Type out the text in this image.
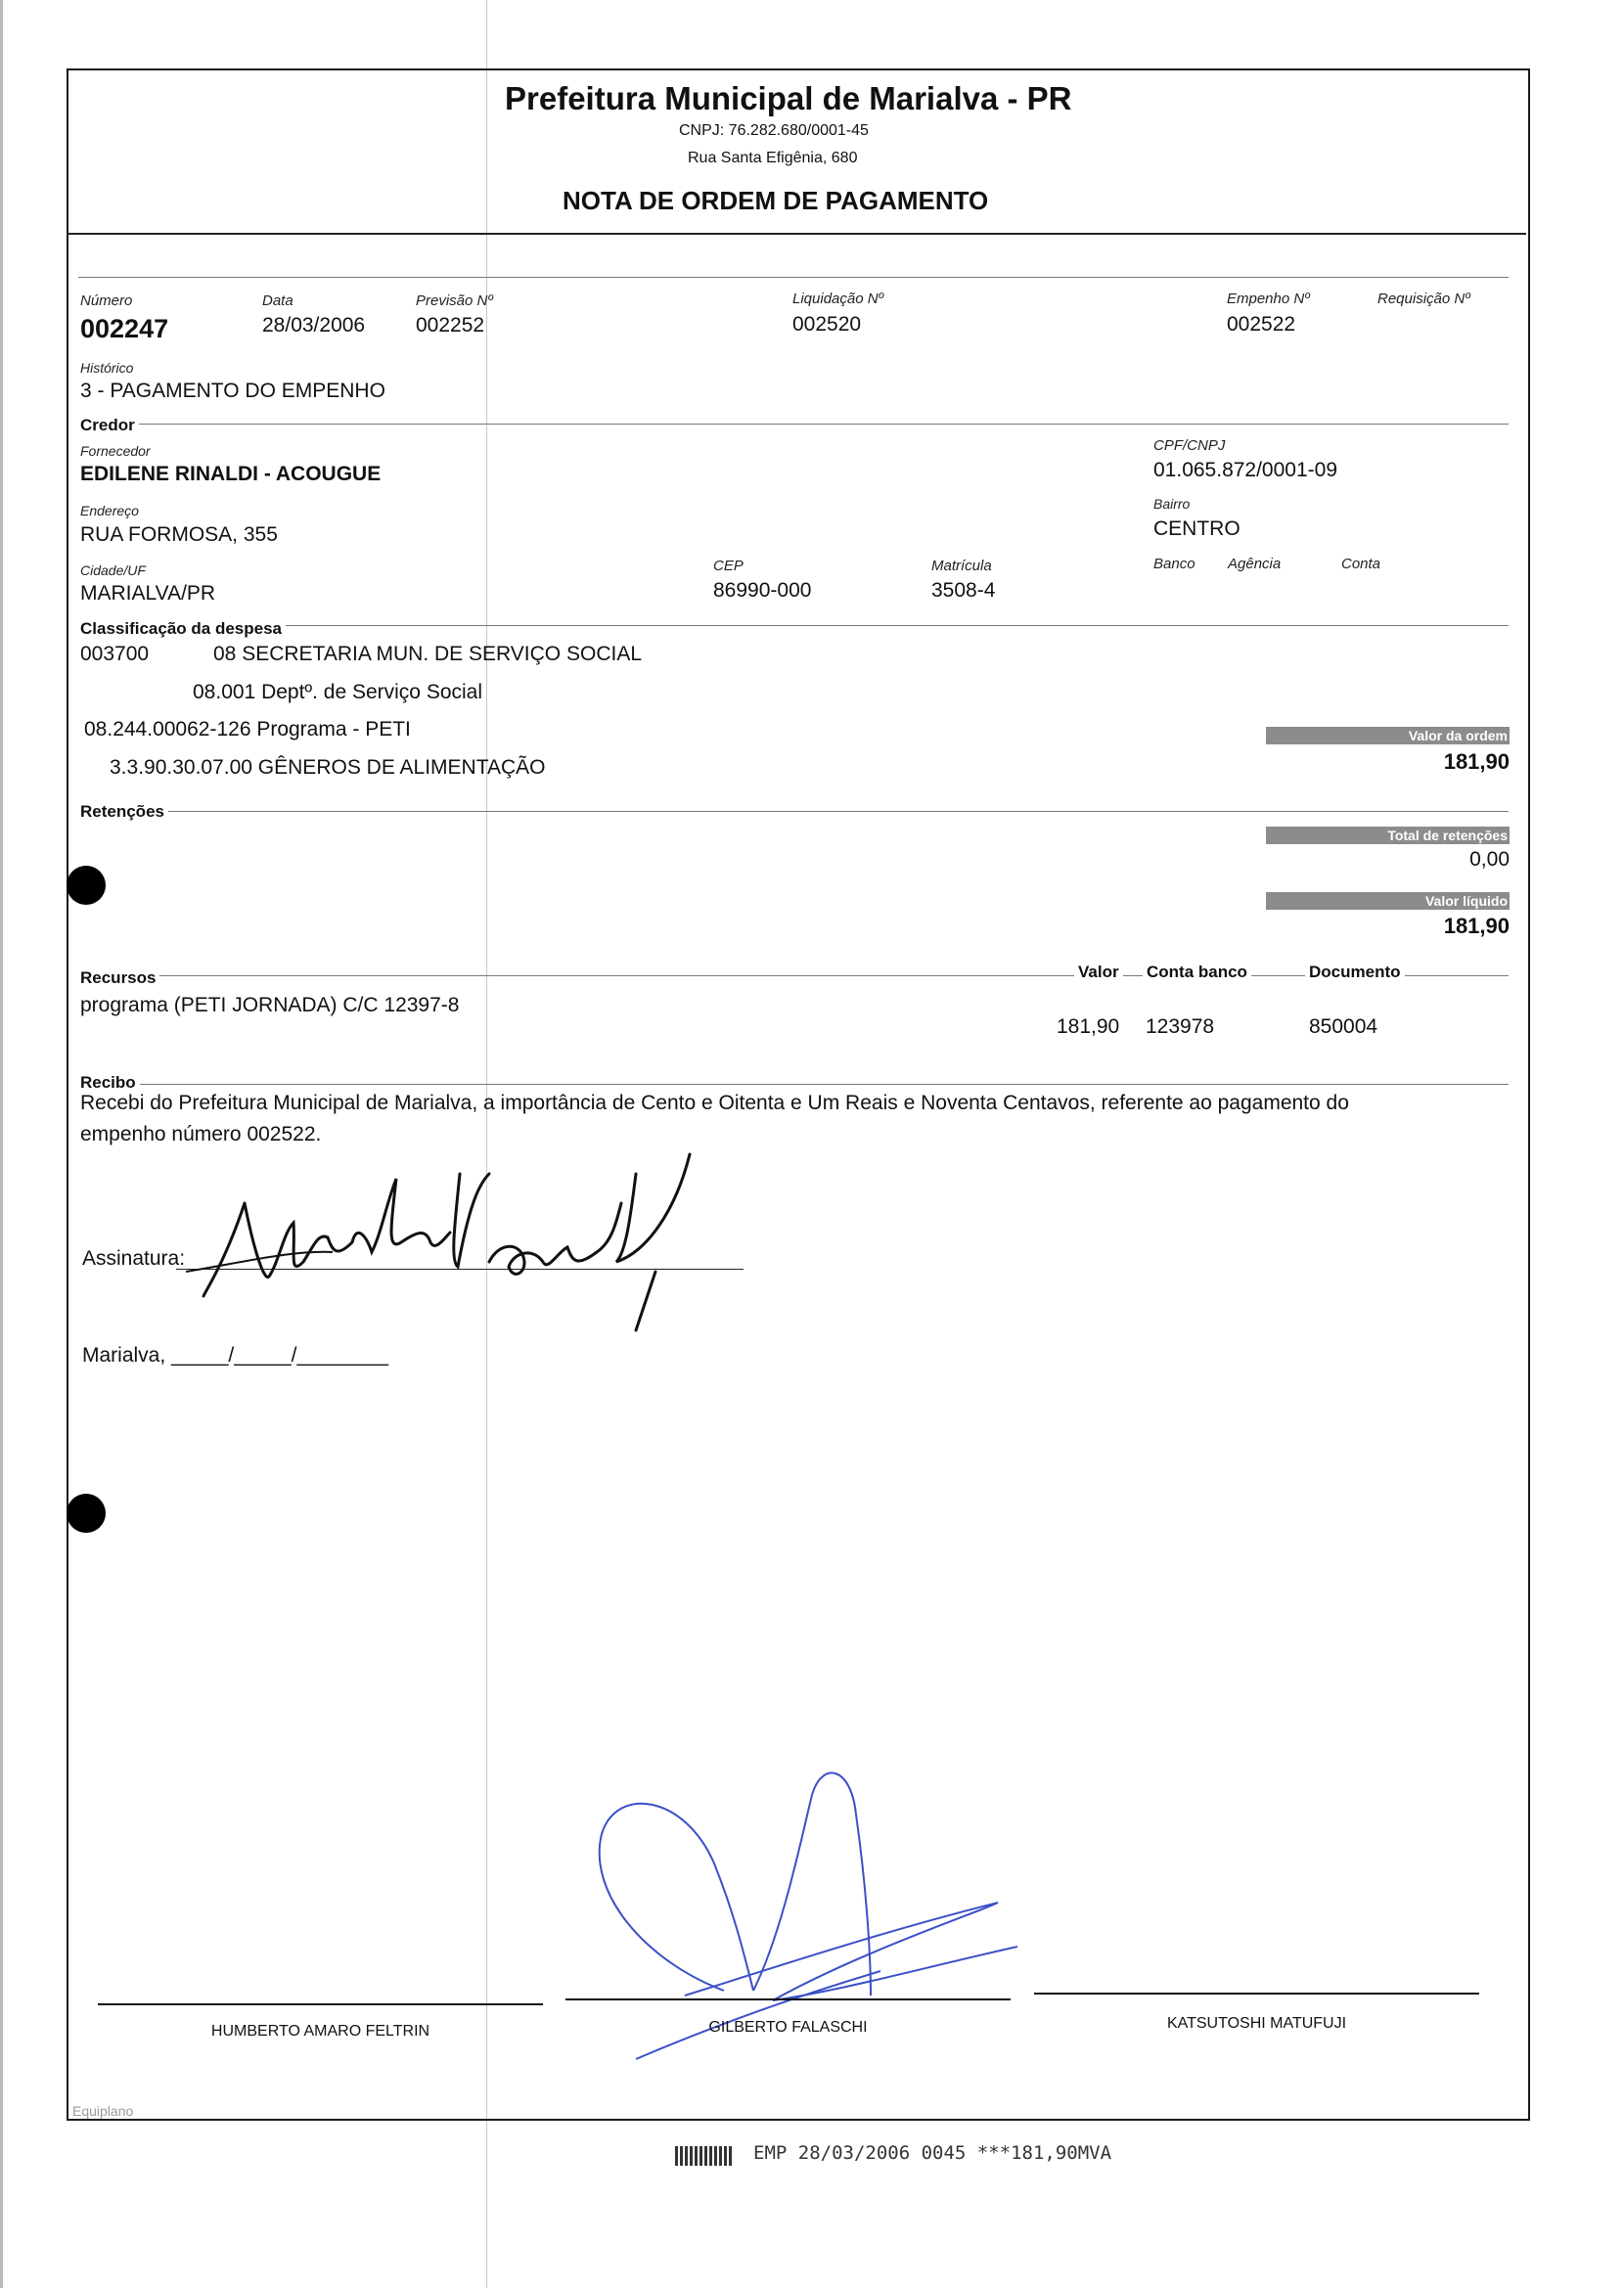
Prefeitura Municipal de Marialva - PR
CNPJ: 76.282.680/0001-45
Rua Santa Efigênia, 680
NOTA DE ORDEM DE PAGAMENTO
Número
002247
Data
28/03/2006
Previsão Nº
002252
Liquidação Nº
002520
Empenho Nº
002522
Requisição Nº
Histórico
3 - PAGAMENTO DO EMPENHO
Credor
Fornecedor
EDILENE RINALDI - ACOUGUE
CPF/CNPJ
01.065.872/0001-09
Endereço
RUA FORMOSA, 355
Bairro
CENTRO
Cidade/UF
MARIALVA/PR
CEP
86990-000
Matrícula
3508-4
Banco Agência	Conta
Classificação da despesa
003700	08 SECRETARIA MUN. DE SERVIÇO SOCIAL
08.001 Deptº. de Serviço Social
08.244.00062-126 Programa - PETI
3.3.90.30.07.00 GÊNEROS DE ALIMENTAÇÃO
Valor da ordem
181,90
Retenções
Total de retenções
0,00
Valor líquido
181,90
Recursos	Valor Conta banco	Documento
programa (PETI JORNADA) C/C 12397-8
181,90 123978	850004
Recibo
Recebi do Prefeitura Municipal de Marialva, a importância de Cento e Oitenta e Um Reais e Noventa Centavos, referente ao pagamento do
empenho número 002522.
Assinatura:
Marialva, _____/_____/________
HUMBERTO AMARO FELTRIN	GILBERTO FALASCHI	KATSUTOSHI MATUFUJI
Equiplano
EMP 28/03/2006 0045 ***181,90MVA
